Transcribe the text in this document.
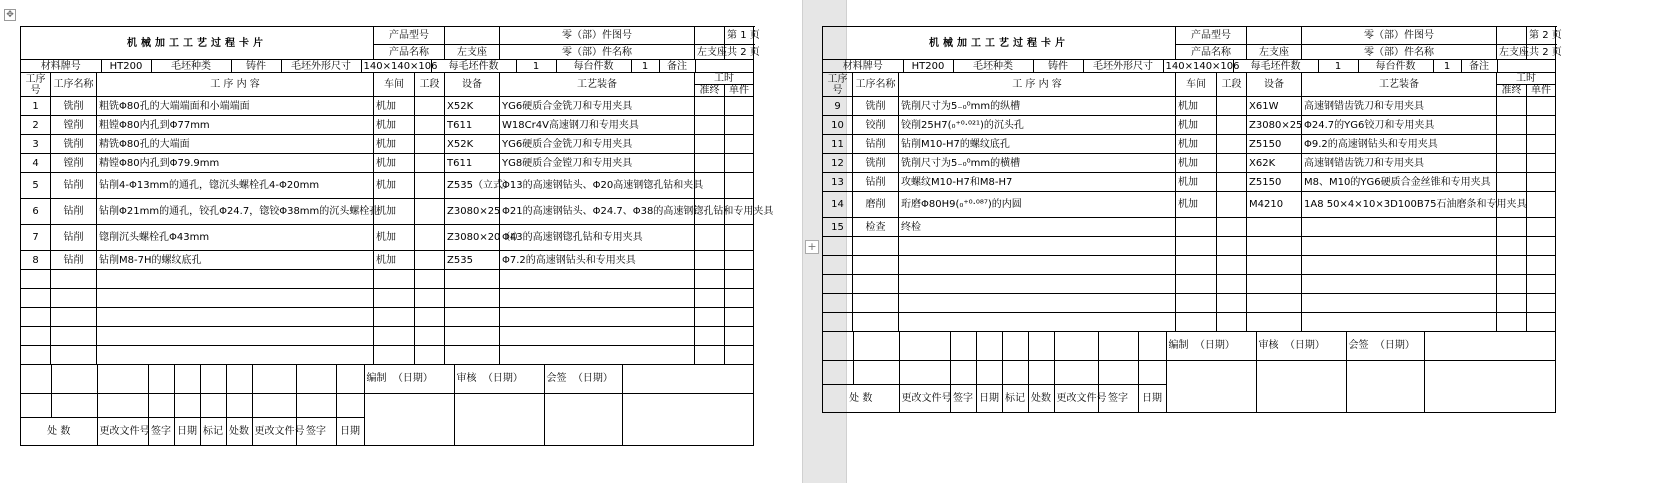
✥
机械加工工艺过程卡片	产品型号		零（部）件图号		第 1 页
产品名称	左支座	零（部）件名称	左支座	共 2 页

材料牌号	HT200	毛坯种类	铸件	毛坯外形尺寸	140×140×106	每毛坯件数	1	每台件数	1	备注	

工序号	工序名称	工 序 内 容	车间	工段	设备	工艺装备	工时
准终	单件
1	铣削	粗铣Φ80孔的大端端面和小端端面	机加		X52K	YG6硬质合金铣刀和专用夹具		
2	镗削	粗镗Φ80内孔到Φ77mm	机加		T611	W18Cr4V高速钢刀和专用夹具		
3	铣削	精铣Φ80孔的大端面	机加		X52K	YG6硬质合金铣刀和专用夹具		
4	镗削	精镗Φ80内孔到Φ79.9mm	机加		T611	YG8硬质合金镗刀和专用夹具		
5	钻削	钻削4-Φ13mm的通孔，锪沉头螺栓孔4-Φ20mm	机加		Z535（立式）	Φ13的高速钢钻头、Φ20高速钢锪孔钻和夹具		
6	钻削	钻削Φ21mm的通孔，铰孔Φ24.7，锪铰Φ38mm的沉头螺栓孔	机加		Z3080×25	Φ21的高速钢钻头、Φ24.7、Φ38的高速钢锪孔钻和专用夹具		
7	钻削	锪削沉头螺栓孔Φ43mm	机加		Z3080×20（Ⅰ）	Φ43的高速钢锪孔钻和专用夹具		
8	钻削	钻削M8-7H的螺纹底孔	机加		Z535	Φ7.2的高速钢钻头和专用夹具		

										编制 （日期）	审核 （日期）	会签 （日期）	

处 数	更改文件号	签字	日期	标记	处数	更改文件号	签字	日期
+
机械加工工艺过程卡片	产品型号		零（部）件图号		第 2 页
产品名称	左支座	零（部）件名称	左支座	共 2 页

材料牌号	HT200	毛坯种类	铸件	毛坯外形尺寸	140×140×106	每毛坯件数	1	每台件数	1	备注	

工序号	工序名称	工 序 内 容	车间	工段	设备	工艺装备	工时
准终	单件
9	铣削	铣削尺寸为5₋₀⁰mm的纵槽	机加		X61W	高速钢错齿铣刀和专用夹具		
10	铰削	铰削25H7(₀⁺⁰·⁰²¹)的沉头孔	机加		Z3080×25	Φ24.7的YG6铰刀和专用夹具		
11	钻削	钻削M10-H7的螺纹底孔	机加		Z5150	Φ9.2的高速钢钻头和专用夹具		
12	铣削	铣削尺寸为5₋₀⁰mm的横槽	机加		X62K	高速钢错齿铣刀和专用夹具		
13	钻削	攻螺纹M10-H7和M8-H7	机加		Z5150	M8、M10的YG6硬质合金丝锥和专用夹具		
14	磨削	珩磨Φ80H9(₀⁺⁰·⁰⁸⁷)的内圆	机加		M4210	1A8 50×4×10×3D100B75石油磨条和专用夹具		
15	检查	终检						

										编制 （日期）	审核 （日期）	会签 （日期）	

处 数	更改文件号	签字	日期	标记	处数	更改文件号	签字	日期
